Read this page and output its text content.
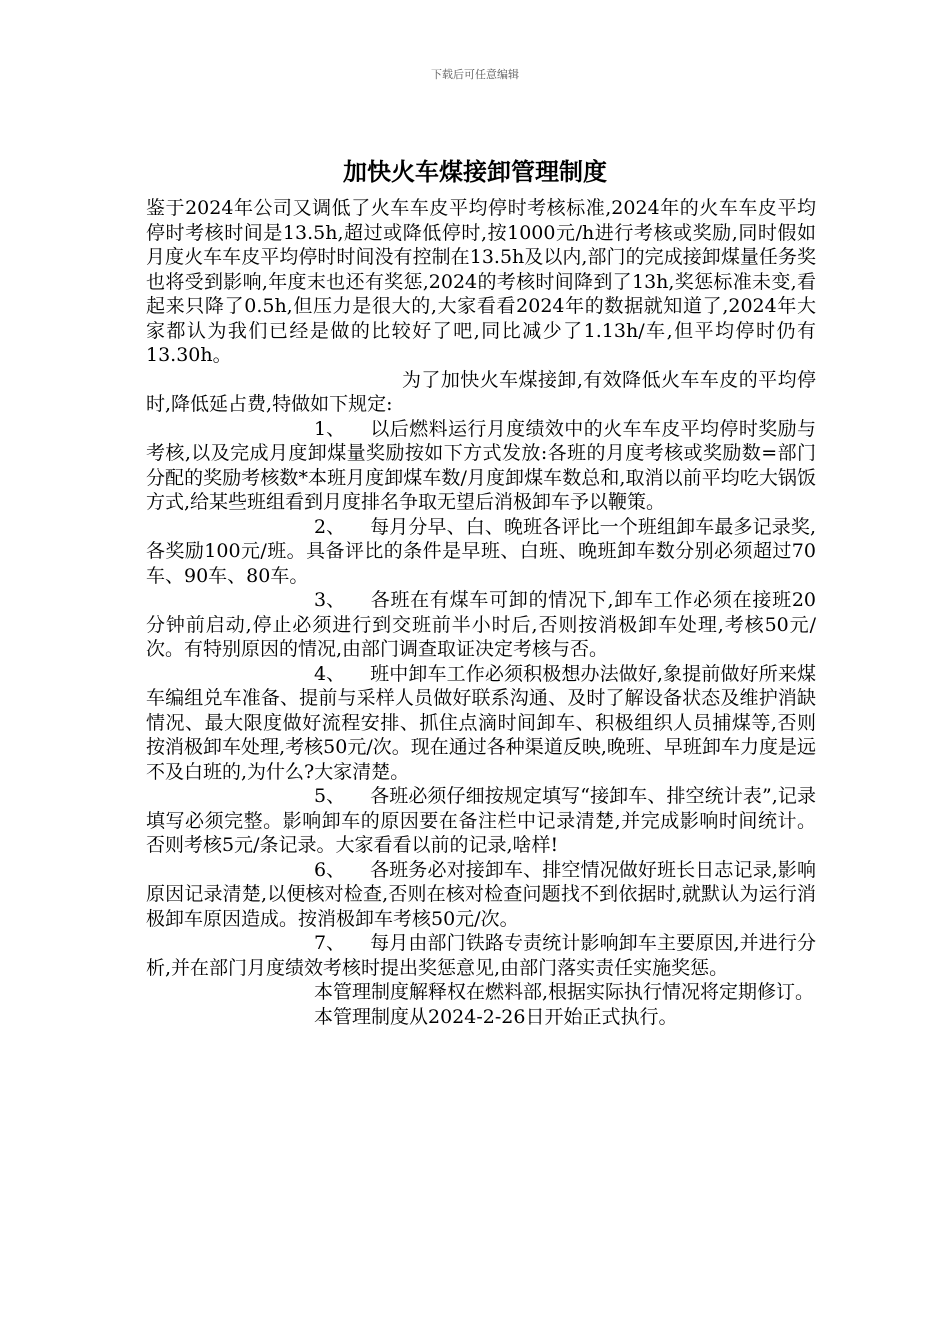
下载后可任意编辑
加快火车煤接卸管理制度

鉴于2024年公司又调低了火车车皮平均停时考核标准,2024年的火车车皮平均停时考核时间是13.5h,超过或降低停时,按1000元/h进行考核或奖励,同时假如月度火车车皮平均停时时间没有控制在13.5h及以内,部门的完成接卸煤量任务奖也将受到影响,年度末也还有奖惩,2024的考核时间降到了13h,奖惩标准未变,看起来只降了0.5h,但压力是很大的,大家看看2024年的数据就知道了,2024年大家都认为我们已经是做的比较好了吧,同比减少了1.13h/车,但平均停时仍有13.30h。

为了加快火车煤接卸,有效降低火车车皮的平均停时,降低延占费,特做如下规定:

1、 以后燃料运行月度绩效中的火车车皮平均停时奖励与考核,以及完成月度卸煤量奖励按如下方式发放:各班的月度考核或奖励数=部门分配的奖励考核数*本班月度卸煤车数/月度卸煤车数总和,取消以前平均吃大锅饭方式,给某些班组看到月度排名争取无望后消极卸车予以鞭策。

2、 每月分早、白、晚班各评比一个班组卸车最多记录奖,各奖励100元/班。具备评比的条件是早班、白班、晚班卸车数分别必须超过70车、90车、80车。

3、 各班在有煤车可卸的情况下,卸车工作必须在接班20分钟前启动,停止必须进行到交班前半小时后,否则按消极卸车处理,考核50元/次。有特别原因的情况,由部门调查取证决定考核与否。

4、 班中卸车工作必须积极想办法做好,象提前做好所来煤车编组兑车准备、提前与采样人员做好联系沟通、及时了解设备状态及维护消缺情况、最大限度做好流程安排、抓住点滴时间卸车、积极组织人员捕煤等,否则按消极卸车处理,考核50元/次。现在通过各种渠道反映,晚班、早班卸车力度是远不及白班的,为什么?大家清楚。

5、 各班必须仔细按规定填写“接卸车、排空统计表”,记录填写必须完整。影响卸车的原因要在备注栏中记录清楚,并完成影响时间统计。否则考核5元/条记录。大家看看以前的记录,啥样!

6、 各班务必对接卸车、排空情况做好班长日志记录,影响原因记录清楚,以便核对检查,否则在核对检查问题找不到依据时,就默认为运行消极卸车原因造成。按消极卸车考核50元/次。

7、 每月由部门铁路专责统计影响卸车主要原因,并进行分析,并在部门月度绩效考核时提出奖惩意见,由部门落实责任实施奖惩。

本管理制度解释权在燃料部,根据实际执行情况将定期修订。

本管理制度从2024-2-26日开始正式执行。
